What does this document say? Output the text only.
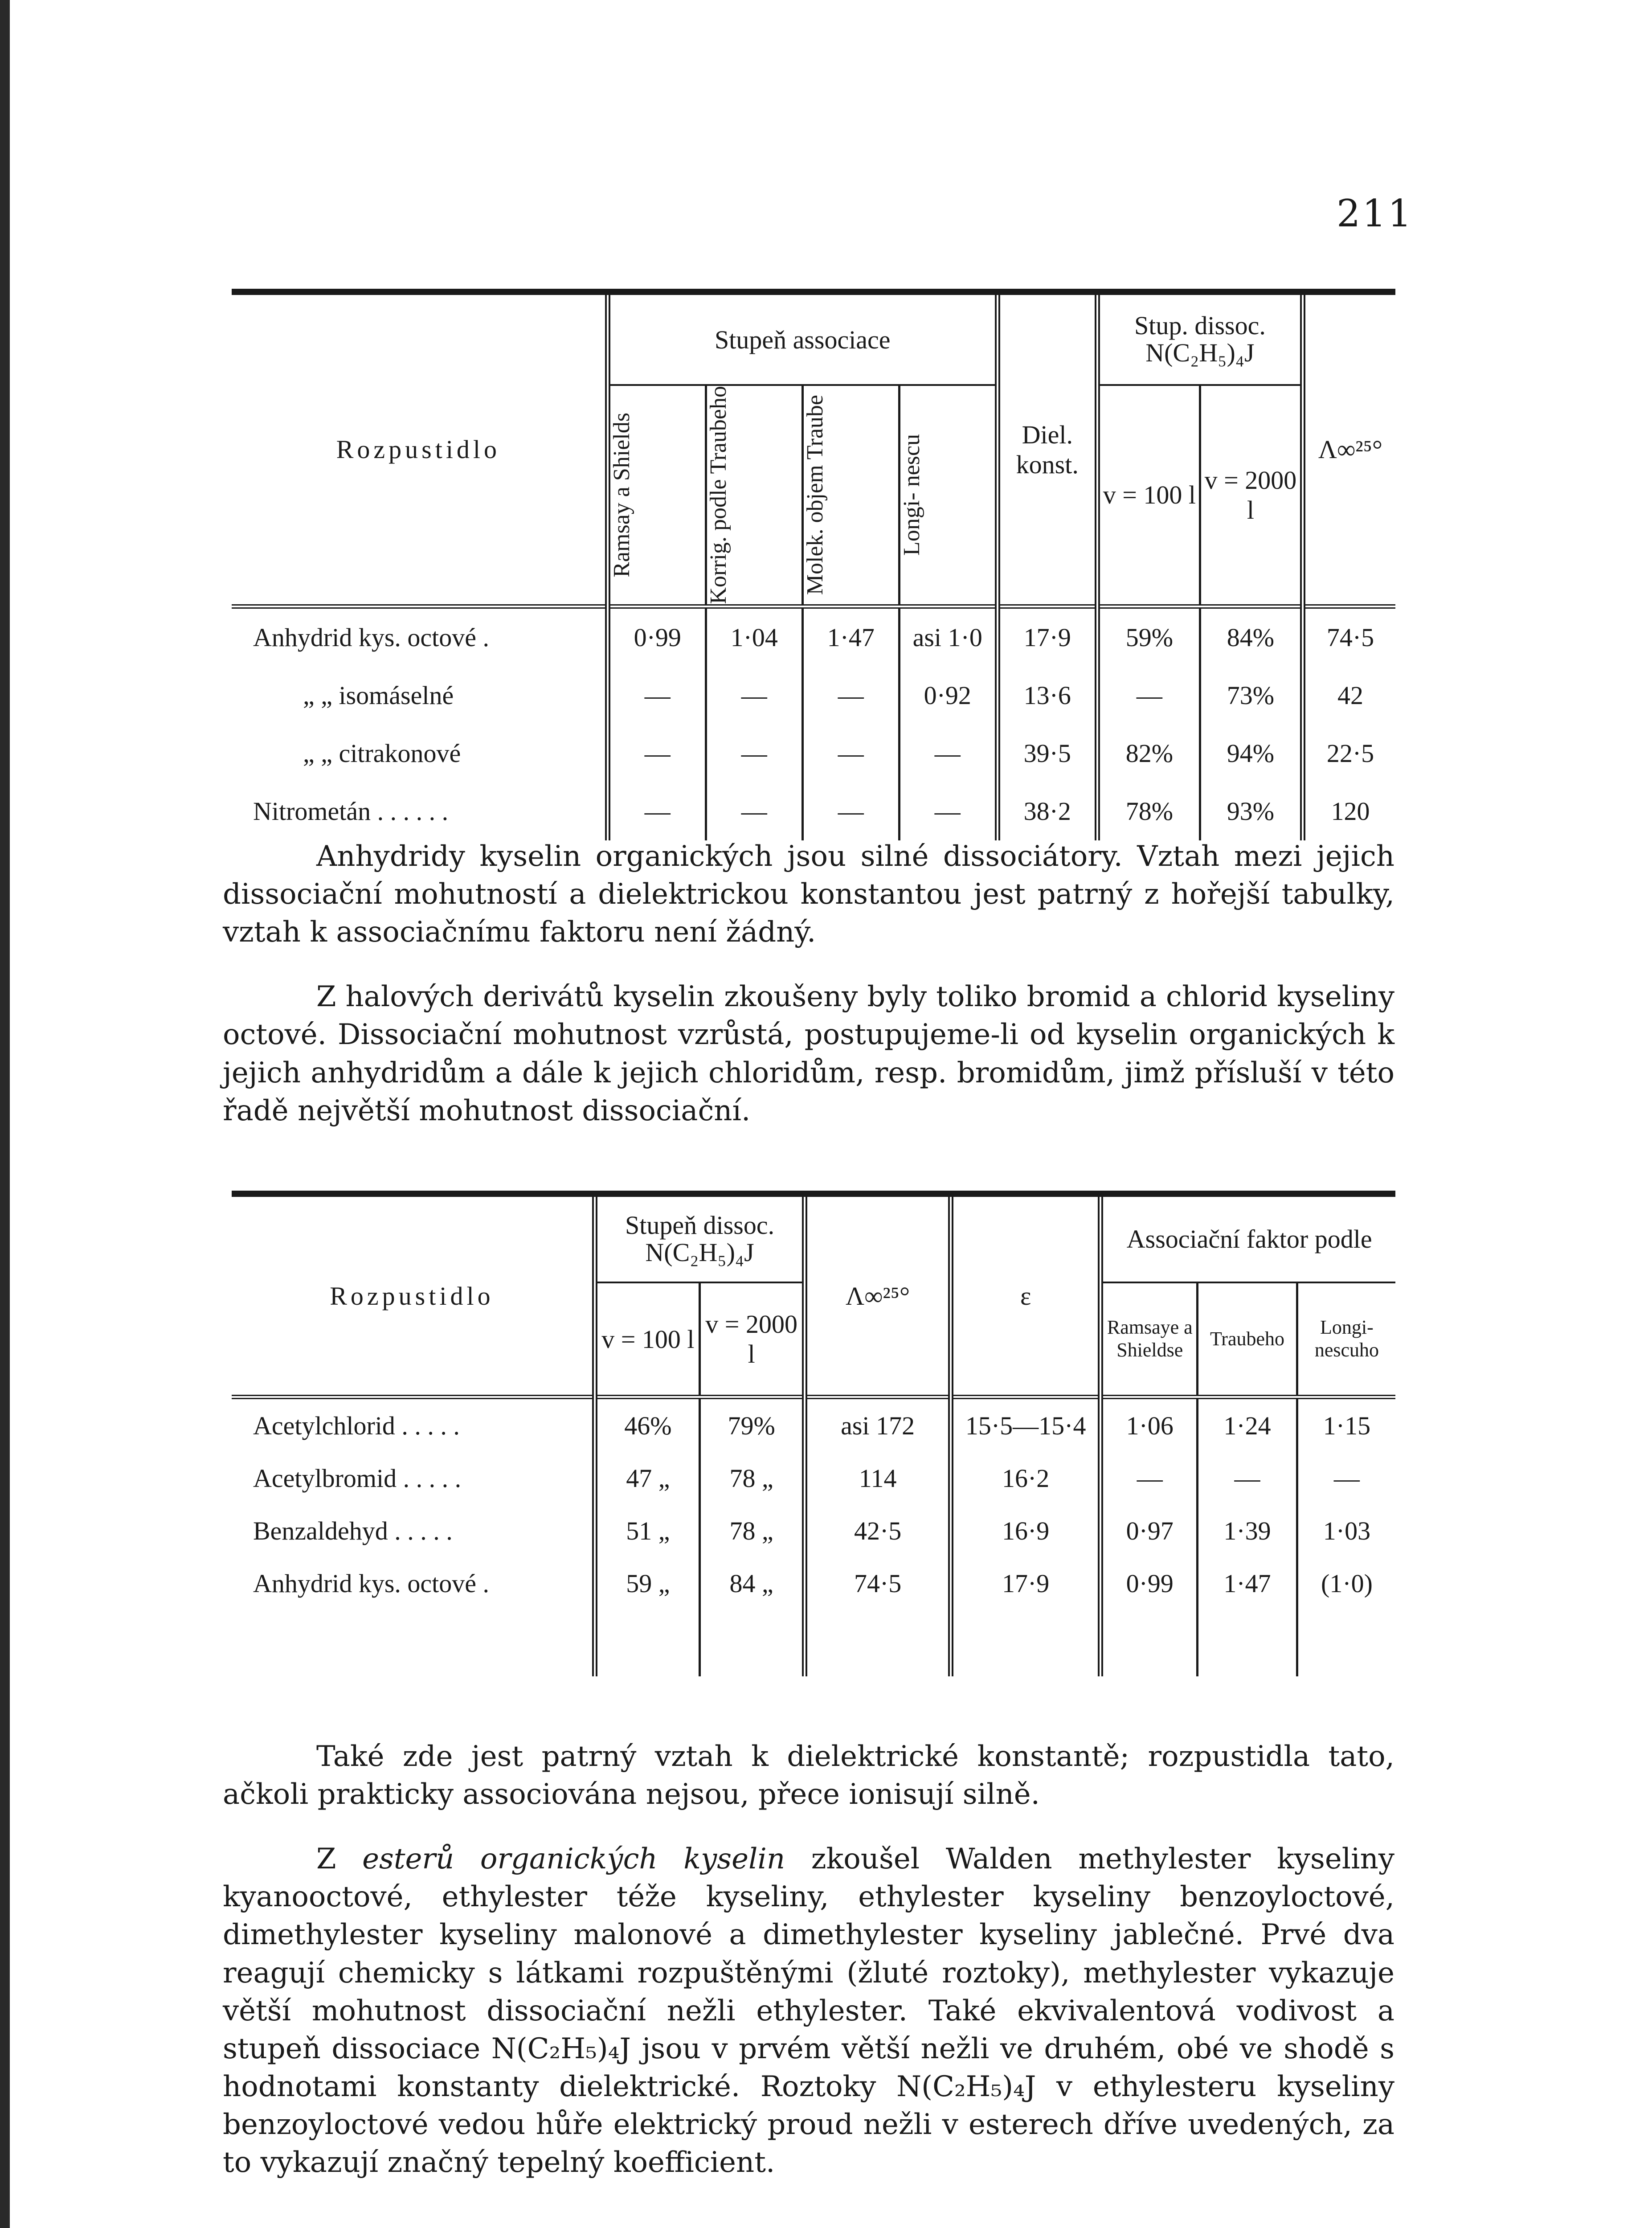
211
Rozpustidlo	Stupeň associace				Diel. konst.	Stup. dissoc. N(C₂H₅)₄J		Λ∞²⁵°

	Ramsay a Shields	Korrig. podle Traubeho	Molek. objem Traube	Longi- nescu		v = 100 l	v = 2000 l	
Anhydrid kys. octové .	0·99	1·04	1·47	asi 1·0	17·9	59%	84%	74·5
„ „ isomáselné	—	—	—	0·92	13·6	—	73%	42
„ „ citrakonové	—	—	—	—	39·5	82%	94%	22·5
Nitrometán . . . . . .	—	—	—	—	38·2	78%	93%	120

Anhydridy kyselin organických jsou silné dissociátory. Vztah mezi jejich dissociační mohutností a dielektrickou konstantou jest patrný z hořejší tabulky, vztah k associačnímu faktoru není žádný.

Z halových derivátů kyselin zkoušeny byly toliko bromid a chlorid kyseliny octové. Dissociační mohutnost vzrůstá, postupujeme-li od kyselin organických k jejich anhydridům a dále k jejich chloridům, resp. bromidům, jimž přísluší v této řadě největší mohutnost dissociační.

Rozpustidlo	Stupeň dissoc. N(C₂H₅)₄J		Λ∞²⁵°	ε	Associační faktor podle		
	v = 100 l	v = 2000 l			Ramsaye a Shieldse	Traubeho	Longi- nescuho
Acetylchlorid . . . . .	46%	79%	asi 172	15·5—15·4	1·06	1·24	1·15
Acetylbromid . . . . .	47 „	78 „	114	16·2	—	—	—
Benzaldehyd . . . . .	51 „	78 „	42·5	16·9	0·97	1·39	1·03
Anhydrid kys. octové .	59 „	84 „	74·5	17·9	0·99	1·47	(1·0)

Také zde jest patrný vztah k dielektrické konstantě; rozpustidla tato, ačkoli prakticky associována nejsou, přece ionisují silně.

Z esterů organických kyselin zkoušel Walden methylester kyseliny kyanooctové, ethylester téže kyseliny, ethylester kyseliny benzoyloctové, dimethylester kyseliny malonové a dimethylester kyseliny jablečné. Prvé dva reagují chemicky s látkami rozpuštěnými (žluté roztoky), methylester vykazuje větší mohutnost dissociační nežli ethylester. Také ekvivalentová vodivost a stupeň dissociace N(C₂H₅)₄J jsou v prvém větší nežli ve druhém, obé ve shodě s hodnotami konstanty dielektrické. Roztoky N(C₂H₅)₄J v ethylesteru kyseliny benzoyloctové vedou hůře elektrický proud nežli v esterech dříve uvedených, za to vykazují značný tepelný koefficient.
